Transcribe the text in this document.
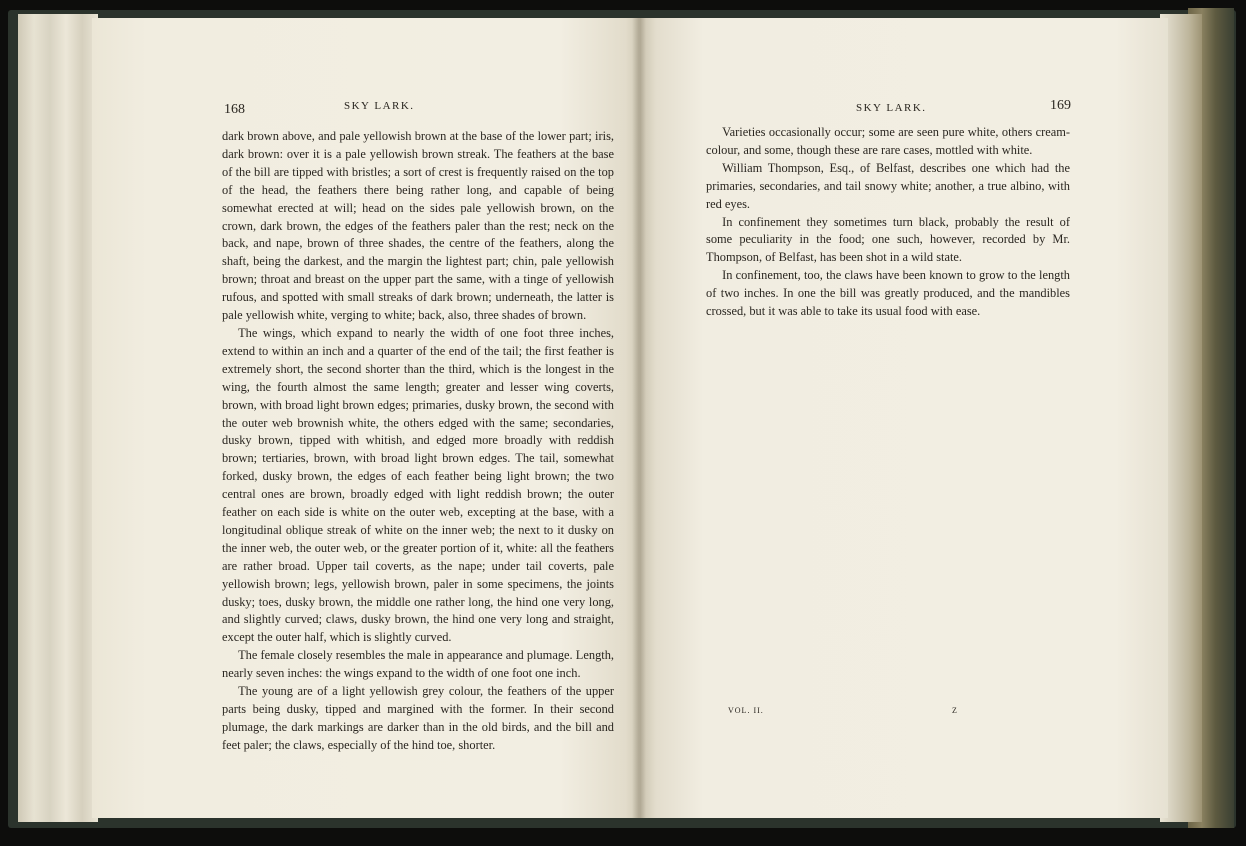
168	SKY LARK.

dark brown above, and pale yellowish brown at the base of the lower part; iris, dark brown: over it is a pale yellowish brown streak. The feathers at the base of the bill are tipped with bristles; a sort of crest is frequently raised on the top of the head, the feathers there being rather long, and capable of being somewhat erected at will; head on the sides pale yellowish brown, on the crown, dark brown, the edges of the feathers paler than the rest; neck on the back, and nape, brown of three shades, the centre of the feathers, along the shaft, being the darkest, and the margin the lightest part; chin, pale yellowish brown; throat and breast on the upper part the same, with a tinge of yellowish rufous, and spotted with small streaks of dark brown; underneath, the latter is pale yellowish white, verging to white; back, also, three shades of brown.

The wings, which expand to nearly the width of one foot three inches, extend to within an inch and a quarter of the end of the tail; the first feather is extremely short, the second shorter than the third, which is the longest in the wing, the fourth almost the same length; greater and lesser wing coverts, brown, with broad light brown edges; primaries, dusky brown, the second with the outer web brownish white, the others edged with the same; secondaries, dusky brown, tipped with whitish, and edged more broadly with reddish brown; tertiaries, brown, with broad light brown edges. The tail, somewhat forked, dusky brown, the edges of each feather being light brown; the two central ones are brown, broadly edged with light reddish brown; the outer feather on each side is white on the outer web, excepting at the base, with a longitudinal oblique streak of white on the inner web; the next to it dusky on the inner web, the outer web, or the greater portion of it, white: all the feathers are rather broad. Upper tail coverts, as the nape; under tail coverts, pale yellowish brown; legs, yellowish brown, paler in some specimens, the joints dusky; toes, dusky brown, the middle one rather long, the hind one very long, and slightly curved; claws, dusky brown, the hind one very long and straight, except the outer half, which is slightly curved.

The female closely resembles the male in appearance and plumage. Length, nearly seven inches: the wings expand to the width of one foot one inch.

The young are of a light yellowish grey colour, the feathers of the upper parts being dusky, tipped and margined with the former. In their second plumage, the dark markings are darker than in the old birds, and the bill and feet paler; the claws, especially of the hind toe, shorter.

SKY LARK.	169

Varieties occasionally occur; some are seen pure white, others cream-colour, and some, though these are rare cases, mottled with white.

William Thompson, Esq., of Belfast, describes one which had the primaries, secondaries, and tail snowy white; another, a true albino, with red eyes.

In confinement they sometimes turn black, probably the result of some peculiarity in the food; one such, however, recorded by Mr. Thompson, of Belfast, has been shot in a wild state.

In confinement, too, the claws have been known to grow to the length of two inches. In one the bill was greatly produced, and the mandibles crossed, but it was able to take its usual food with ease.

VOL. II.	Z
